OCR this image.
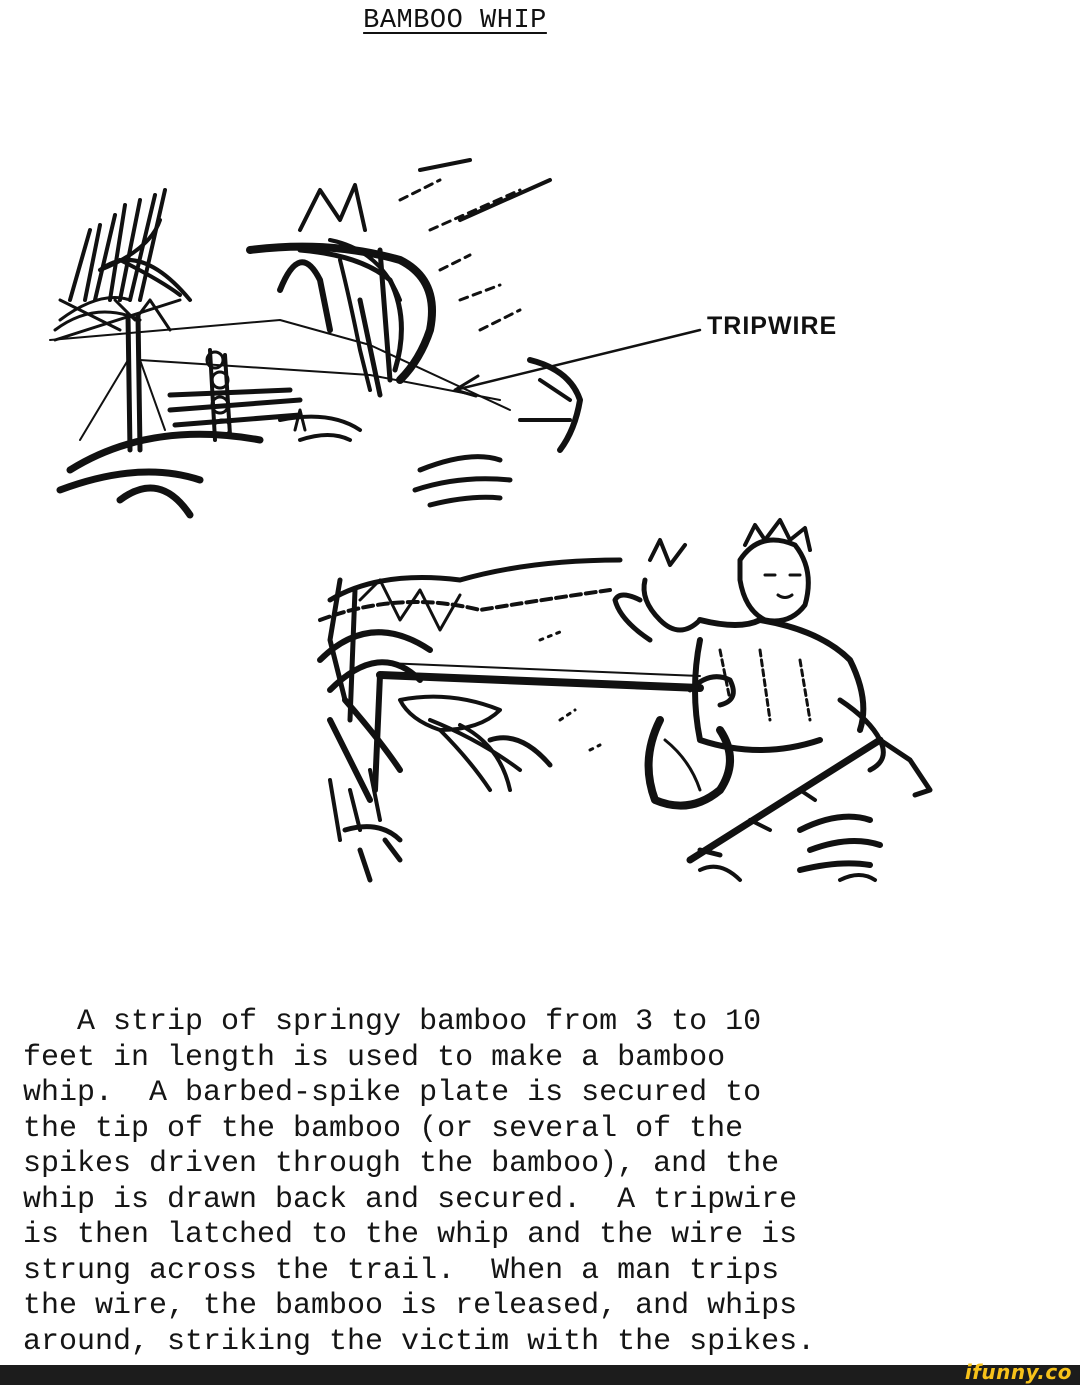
BAMBOO WHIP
TRIPWIRE
A strip of springy bamboo from 3 to 10
feet in length is used to make a bamboo
whip.  A barbed-spike plate is secured to
the tip of the bamboo (or several of the
spikes driven through the bamboo), and the
whip is drawn back and secured.  A tripwire
is then latched to the whip and the wire is
strung across the trail.  When a man trips
the wire, the bamboo is released, and whips
around, striking the victim with the spikes.
ifunny.co
